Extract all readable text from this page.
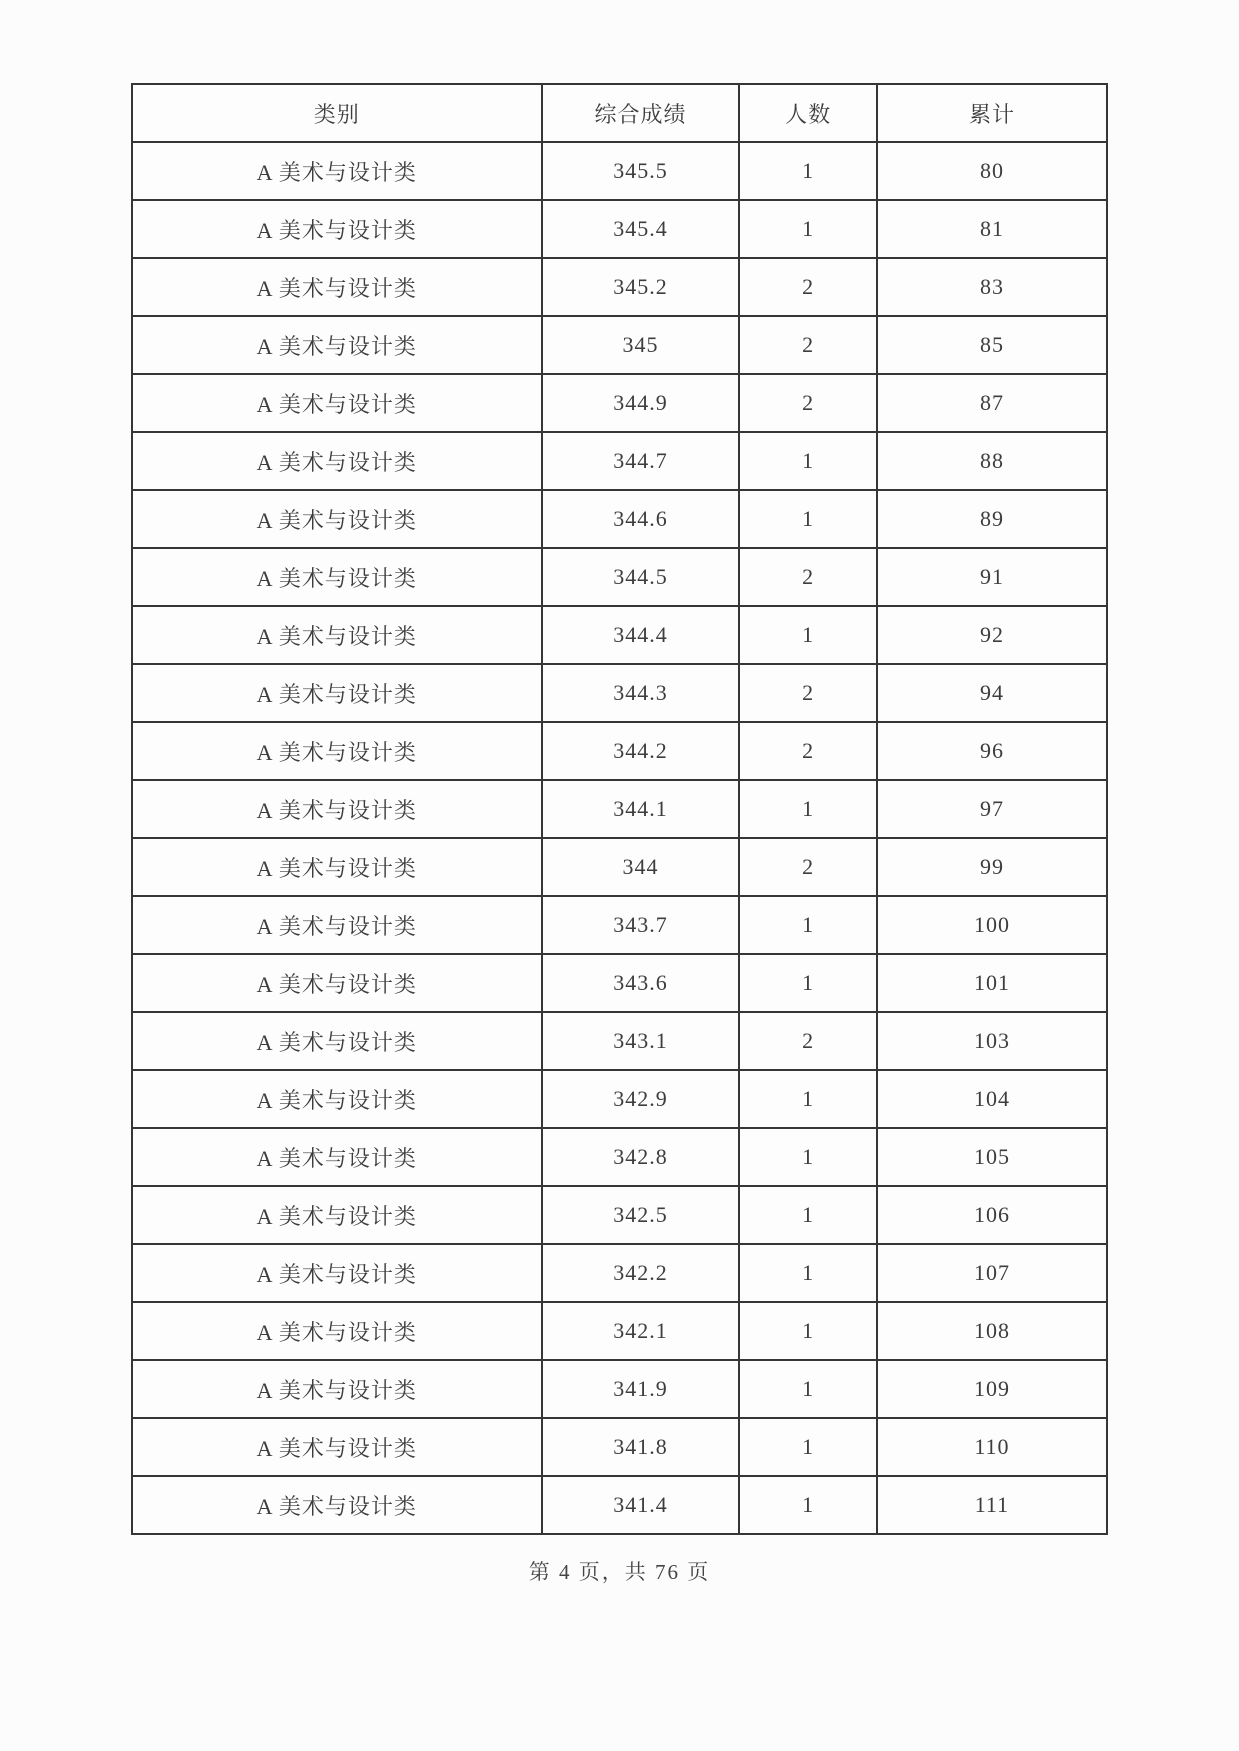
类别	综合成绩	人数	累计
A 美术与设计类	345.5	1	80
A 美术与设计类	345.4	1	81
A 美术与设计类	345.2	2	83
A 美术与设计类	345	2	85
A 美术与设计类	344.9	2	87
A 美术与设计类	344.7	1	88
A 美术与设计类	344.6	1	89
A 美术与设计类	344.5	2	91
A 美术与设计类	344.4	1	92
A 美术与设计类	344.3	2	94
A 美术与设计类	344.2	2	96
A 美术与设计类	344.1	1	97
A 美术与设计类	344	2	99
A 美术与设计类	343.7	1	100
A 美术与设计类	343.6	1	101
A 美术与设计类	343.1	2	103
A 美术与设计类	342.9	1	104
A 美术与设计类	342.8	1	105
A 美术与设计类	342.5	1	106
A 美术与设计类	342.2	1	107
A 美术与设计类	342.1	1	108
A 美术与设计类	341.9	1	109
A 美术与设计类	341.8	1	110
A 美术与设计类	341.4	1	111
第 4 页，共 76 页
